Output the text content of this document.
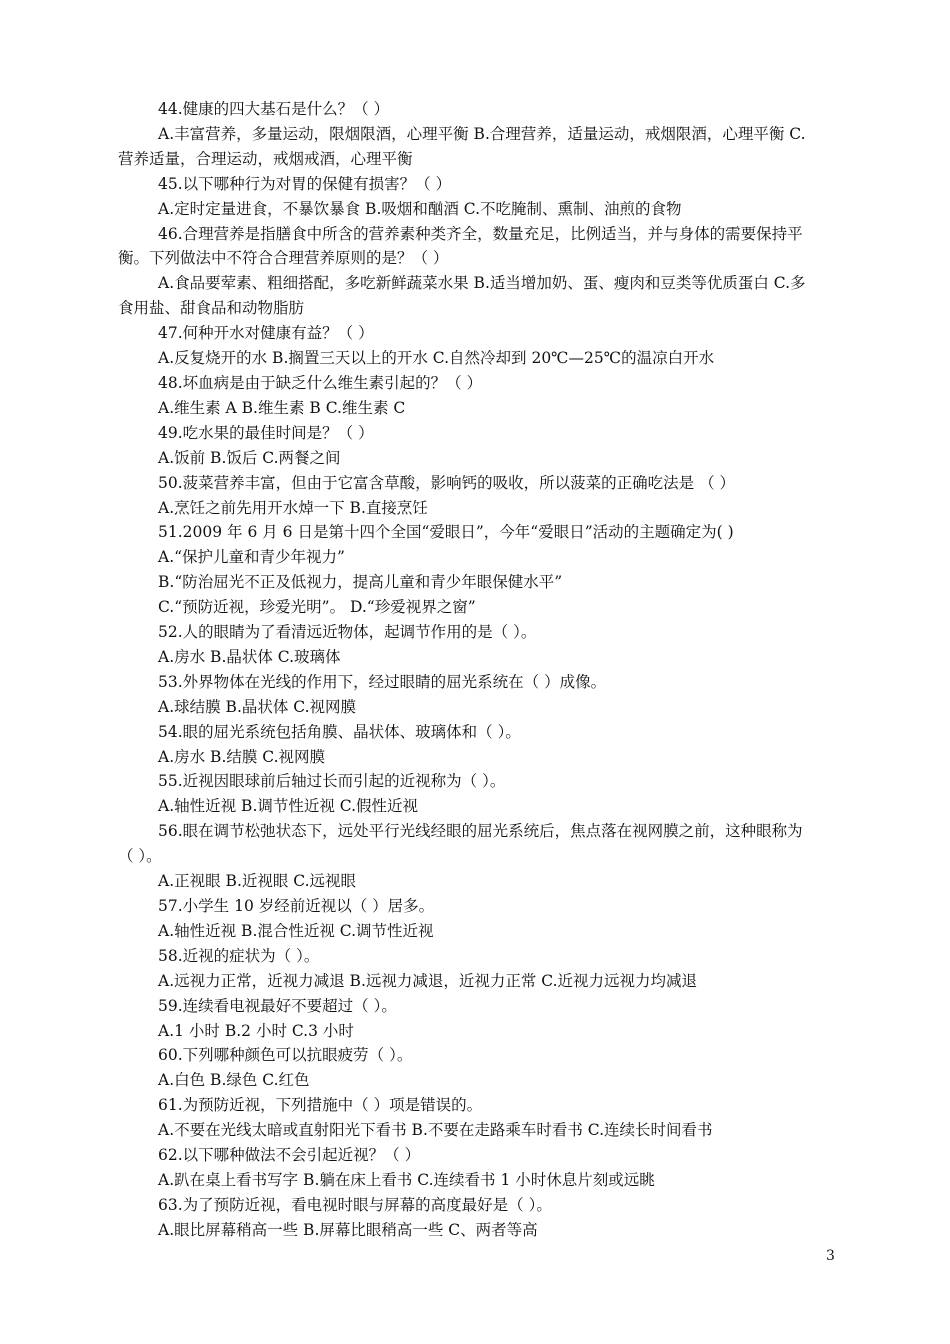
44.健康的四大基石是什么？（ ）
A.丰富营养，多量运动，限烟限酒，心理平衡 B.合理营养，适量运动，戒烟限酒，心理平衡 C.
营养适量，合理运动，戒烟戒酒，心理平衡
45.以下哪种行为对胃的保健有损害？（ ）
A.定时定量进食，不暴饮暴食 B.吸烟和酗酒 C.不吃腌制、熏制、油煎的食物
46.合理营养是指膳食中所含的营养素种类齐全，数量充足，比例适当，并与身体的需要保持平
衡。下列做法中不符合合理营养原则的是？（ ）
A.食品要荤素、粗细搭配，多吃新鲜蔬菜水果 B.适当增加奶、蛋、瘦肉和豆类等优质蛋白 C.多
食用盐、甜食品和动物脂肪
47.何种开水对健康有益？（ ）
A.反复烧开的水 B.搁置三天以上的开水 C.自然冷却到 20℃—25℃的温凉白开水
48.坏血病是由于缺乏什么维生素引起的？（ ）
A.维生素 A B.维生素 B C.维生素 C
49.吃水果的最佳时间是？（ ）
A.饭前 B.饭后 C.两餐之间
50.菠菜营养丰富，但由于它富含草酸，影响钙的吸收，所以菠菜的正确吃法是 （ ）
A.烹饪之前先用开水焯一下 B.直接烹饪
51.2009 年 6 月 6 日是第十四个全国“爱眼日”，今年“爱眼日”活动的主题确定为( )
A.“保护儿童和青少年视力”
B.“防治屈光不正及低视力，提高儿童和青少年眼保健水平”
C.“预防近视，珍爱光明”。 D.“珍爱视界之窗”
52.人的眼睛为了看清远近物体，起调节作用的是（ ）。
A.房水 B.晶状体 C.玻璃体
53.外界物体在光线的作用下，经过眼睛的屈光系统在（ ）成像。
A.球结膜 B.晶状体 C.视网膜
54.眼的屈光系统包括角膜、晶状体、玻璃体和（ ）。
A.房水 B.结膜 C.视网膜
55.近视因眼球前后轴过长而引起的近视称为（ ）。
A.轴性近视 B.调节性近视 C.假性近视
56.眼在调节松弛状态下，远处平行光线经眼的屈光系统后，焦点落在视网膜之前，这种眼称为
（ ）。
A.正视眼 B.近视眼 C.远视眼
57.小学生 10 岁经前近视以（ ）居多。
A.轴性近视 B.混合性近视 C.调节性近视
58.近视的症状为（ ）。
A.远视力正常，近视力减退 B.远视力减退，近视力正常 C.近视力远视力均减退
59.连续看电视最好不要超过（ ）。
A.1 小时 B.2 小时 C.3 小时
60.下列哪种颜色可以抗眼疲劳（ ）。
A.白色 B.绿色 C.红色
61.为预防近视，下列措施中（ ）项是错误的。
A.不要在光线太暗或直射阳光下看书 B.不要在走路乘车时看书 C.连续长时间看书
62.以下哪种做法不会引起近视？（ ）
A.趴在桌上看书写字 B.躺在床上看书 C.连续看书 1 小时休息片刻或远眺
63.为了预防近视，看电视时眼与屏幕的高度最好是（ ）。
A.眼比屏幕稍高一些 B.屏幕比眼稍高一些 C、两者等高
3
